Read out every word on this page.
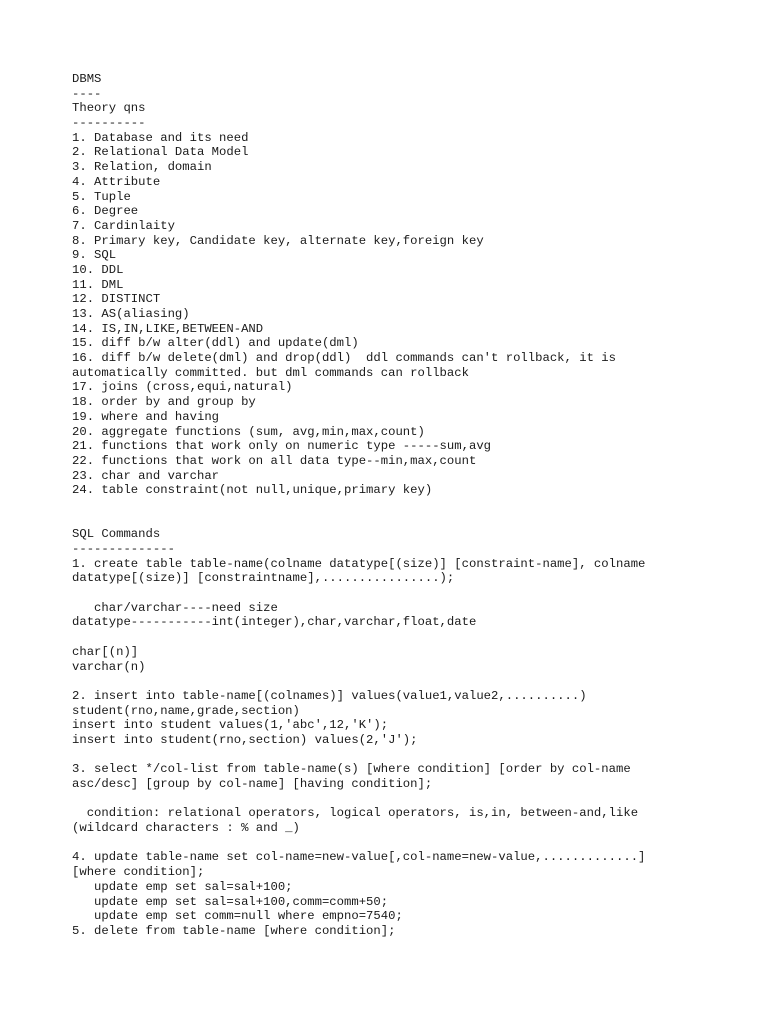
DBMS
----
Theory qns
----------
1. Database and its need
2. Relational Data Model
3. Relation, domain
4. Attribute
5. Tuple
6. Degree
7. Cardinlaity
8. Primary key, Candidate key, alternate key,foreign key
9. SQL
10. DDL
11. DML
12. DISTINCT
13. AS(aliasing)
14. IS,IN,LIKE,BETWEEN-AND
15. diff b/w alter(ddl) and update(dml)
16. diff b/w delete(dml) and drop(ddl)  ddl commands can't rollback, it is
automatically committed. but dml commands can rollback
17. joins (cross,equi,natural)
18. order by and group by
19. where and having
20. aggregate functions (sum, avg,min,max,count)
21. functions that work only on numeric type -----sum,avg
22. functions that work on all data type--min,max,count
23. char and varchar
24. table constraint(not null,unique,primary key)
SQL Commands
--------------
1. create table table-name(colname datatype[(size)] [constraint-name], colname
datatype[(size)] [constraintname],................);
char/varchar----need size
datatype-----------int(integer),char,varchar,float,date
char[(n)]
varchar(n)
2. insert into table-name[(colnames)] values(value1,value2,..........)
student(rno,name,grade,section)
insert into student values(1,'abc',12,'K');
insert into student(rno,section) values(2,'J');
3. select */col-list from table-name(s) [where condition] [order by col-name
asc/desc] [group by col-name] [having condition];
condition: relational operators, logical operators, is,in, between-and,like
(wildcard characters : % and _)
4. update table-name set col-name=new-value[,col-name=new-value,.............]
[where condition];
update emp set sal=sal+100;
update emp set sal=sal+100,comm=comm+50;
update emp set comm=null where empno=7540;
5. delete from table-name [where condition];
